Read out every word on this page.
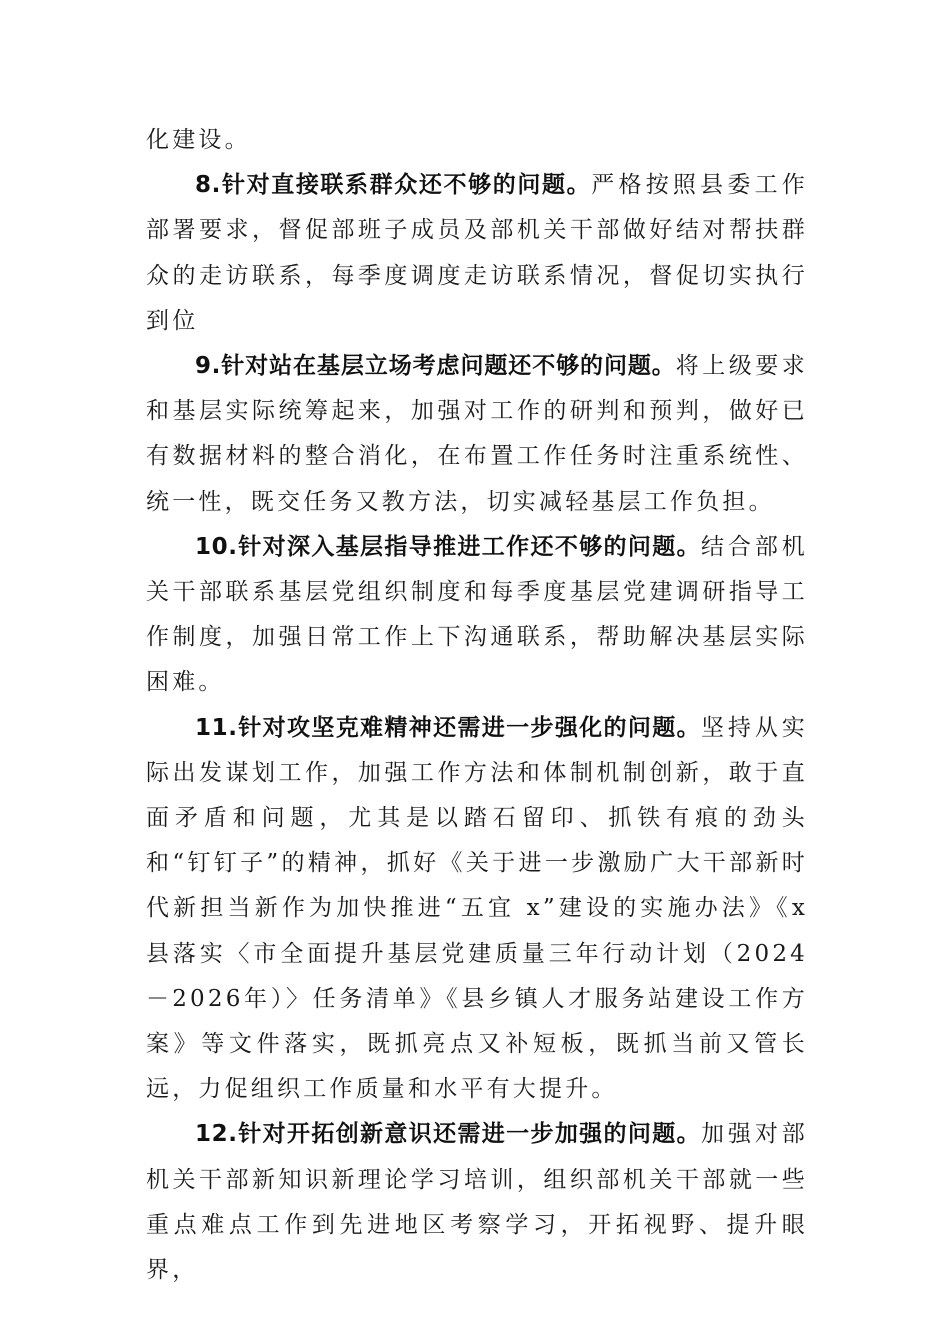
化建设。

8.针对直接联系群众还不够的问题。严格按照县委工作部署要求，督促部班子成员及部机关干部做好结对帮扶群众的走访联系，每季度调度走访联系情况，督促切实执行到位

9.针对站在基层立场考虑问题还不够的问题。将上级要求和基层实际统筹起来，加强对工作的研判和预判，做好已有数据材料的整合消化，在布置工作任务时注重系统性、统一性，既交任务又教方法，切实减轻基层工作负担。

10.针对深入基层指导推进工作还不够的问题。结合部机关干部联系基层党组织制度和每季度基层党建调研指导工作制度，加强日常工作上下沟通联系，帮助解决基层实际困难。

11.针对攻坚克难精神还需进一步强化的问题。坚持从实际出发谋划工作，加强工作方法和体制机制创新，敢于直面矛盾和问题，尤其是以踏石留印、抓铁有痕的劲头和“钉钉子”的精神，抓好《关于进一步激励广大干部新时代新担当新作为加快推进“五宜 x”建设的实施办法》《x 县落实〈市全面提升基层党建质量三年行动计划（2024－2026年）〉任务清单》《县乡镇人才服务站建设工作方案》等文件落实，既抓亮点又补短板，既抓当前又管长远，力促组织工作质量和水平有大提升。

12.针对开拓创新意识还需进一步加强的问题。加强对部机关干部新知识新理论学习培训，组织部机关干部就一些重点难点工作到先进地区考察学习，开拓视野、提升眼界，
